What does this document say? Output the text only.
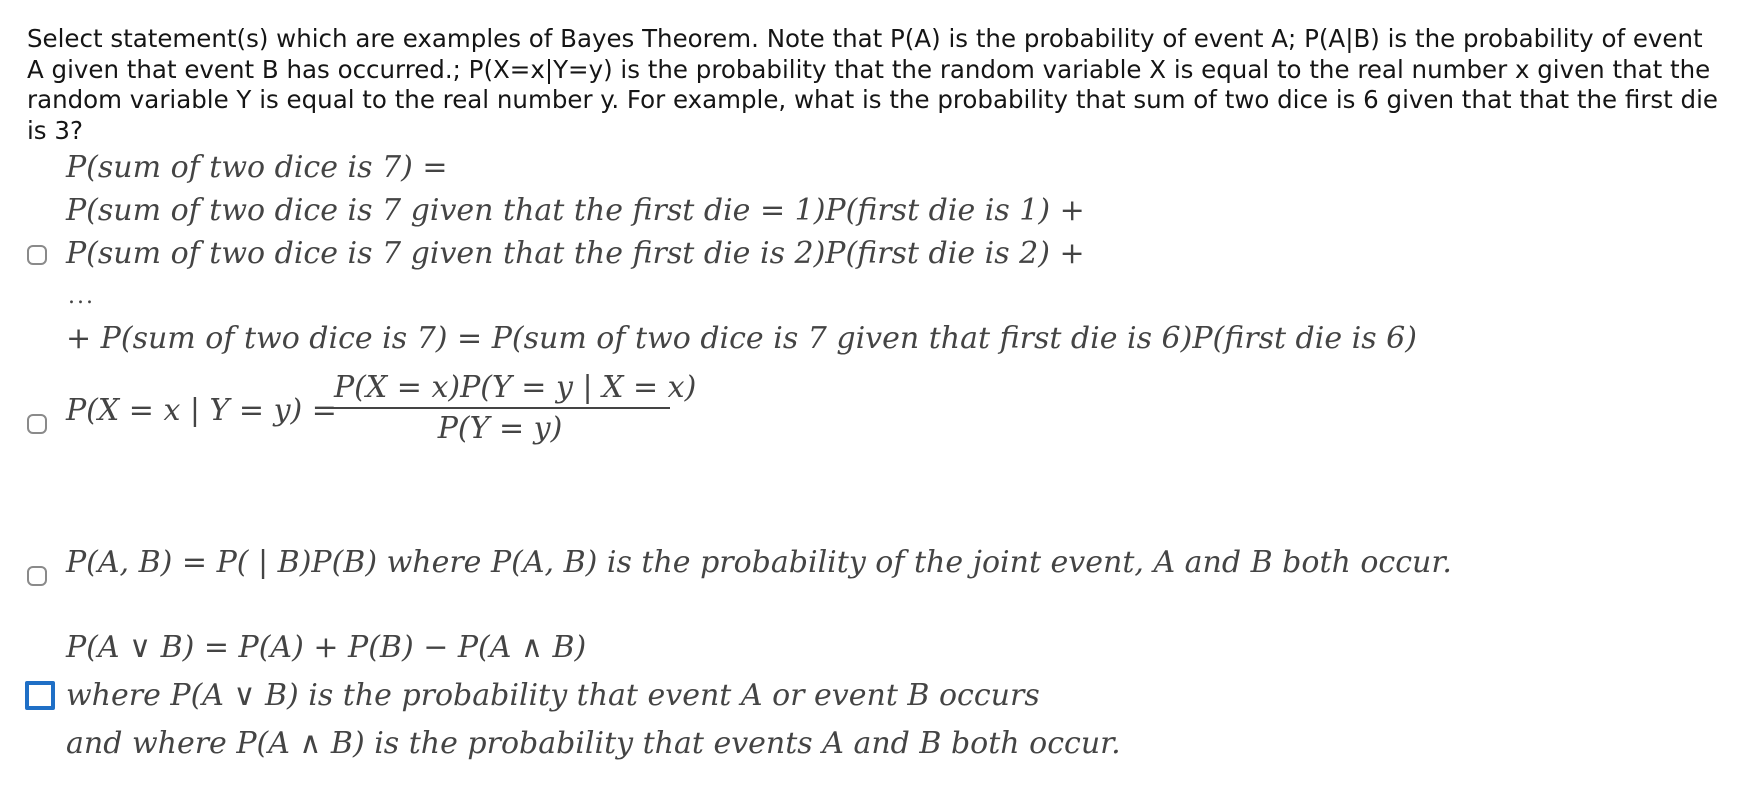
Select statement(s) which are examples of Bayes Theorem. Note that P(A) is the probability of event A; P(A|B) is the probability of event A given that event B has occurred.; P(X=x|Y=y) is the probability that the random variable X is equal to the real number x given that the random variable Y is equal to the real number y. For example, what is the probability that sum of two dice is 6 given that that the first die is 3?
P(sum of two dice is 7) =
P(sum of two dice is 7 given that the first die = 1)P(first die is 1) +
P(sum of two dice is 7 given that the first die is 2)P(first die is 2) +
...
+ P(sum of two dice is 7) = P(sum of two dice is 7 given that first die is 6)P(first die is 6)
P(X = x | Y = y) =
$\frac{P(X = x)P(Y = y | X = x)}{P(Y = y)}$
P(A, B) = P( | B)P(B) where P(A, B) is the probability of the joint event, A and B both occur.
P(A ∨ B) = P(A) + P(B) − P(A ∧ B)
where P(A ∨ B) is the probability that event A or event B occurs
and where P(A ∧ B) is the probability that events A and B both occur.
